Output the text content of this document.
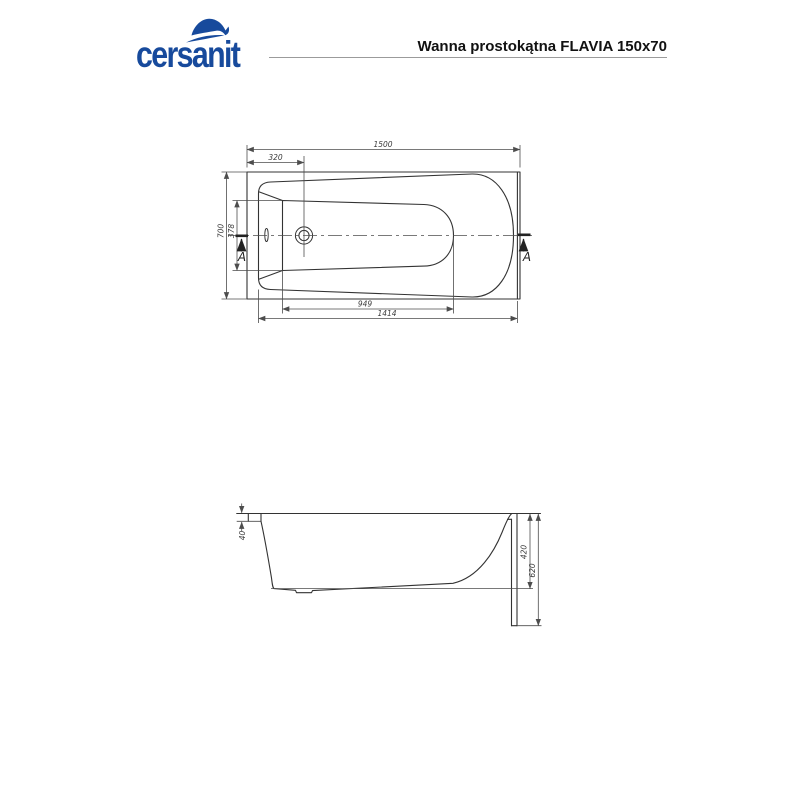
cersanit	Wanna prostokątna FLAVIA 150x70
1500
320
700 378
949
1414
A	A
40
420
620
